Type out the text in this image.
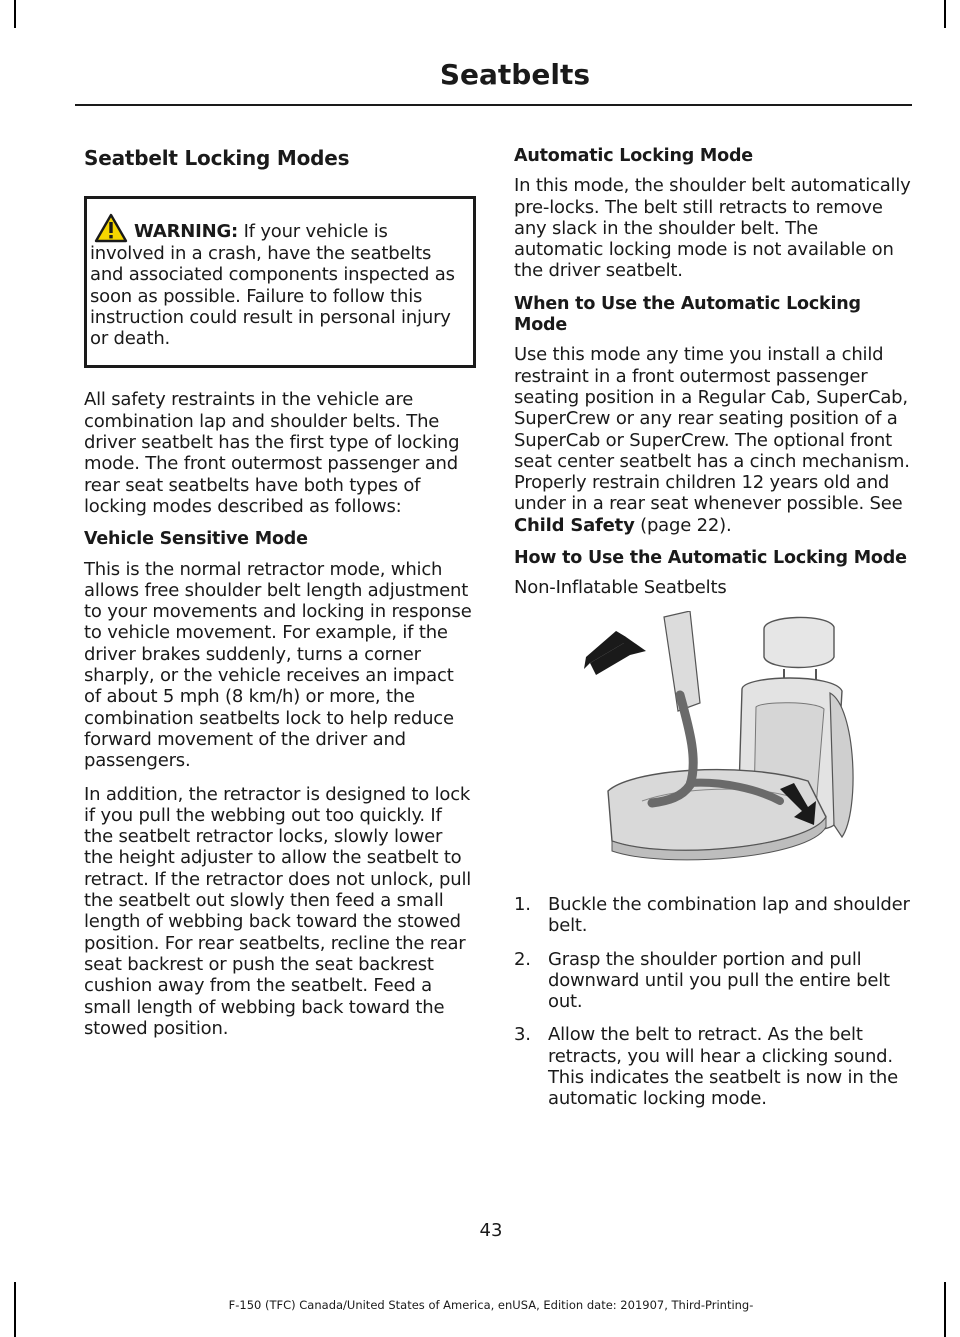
Seatbelts
Seatbelt Locking Modes
WARNING: If your vehicle is involved in a crash, have the seatbelts and associated components inspected as soon as possible. Failure to follow this instruction could result in personal injury or death.

All safety restraints in the vehicle are combination lap and shoulder belts. The driver seatbelt has the first type of locking mode. The front outermost passenger and rear seat seatbelts have both types of locking modes described as follows:

Vehicle Sensitive Mode

This is the normal retractor mode, which allows free shoulder belt length adjustment to your movements and locking in response to vehicle movement. For example, if the driver brakes suddenly, turns a corner sharply, or the vehicle receives an impact of about 5 mph (8 km/h) or more, the combination seatbelts lock to help reduce forward movement of the driver and passengers.

In addition, the retractor is designed to lock if you pull the webbing out too quickly. If the seatbelt retractor locks, slowly lower the height adjuster to allow the seatbelt to retract. If the retractor does not unlock, pull the seatbelt out slowly then feed a small length of webbing back toward the stowed position. For rear seatbelts, recline the rear seat backrest or push the seat backrest cushion away from the seatbelt. Feed a small length of webbing back toward the stowed position.

Automatic Locking Mode

In this mode, the shoulder belt automatically pre-locks. The belt still retracts to remove any slack in the shoulder belt. The automatic locking mode is not available on the driver seatbelt.

When to Use the Automatic Locking Mode

Use this mode any time you install a child restraint in a front outermost passenger seating position in a Regular Cab, SuperCab, SuperCrew or any rear seating position of a SuperCab or SuperCrew. The optional front seat center seatbelt has a cinch mechanism. Properly restrain children 12 years old and under in a rear seat whenever possible. See Child Safety (page 22).

How to Use the Automatic Locking Mode

Non-Inflatable Seatbelts

1. Buckle the combination lap and shoulder belt.
2. Grasp the shoulder portion and pull downward until you pull the entire belt out.
3. Allow the belt to retract. As the belt retracts, you will hear a clicking sound. This indicates the seatbelt is now in the automatic locking mode.
43
F-150 (TFC) Canada/United States of America, enUSA, Edition date: 201907, Third-Printing-
